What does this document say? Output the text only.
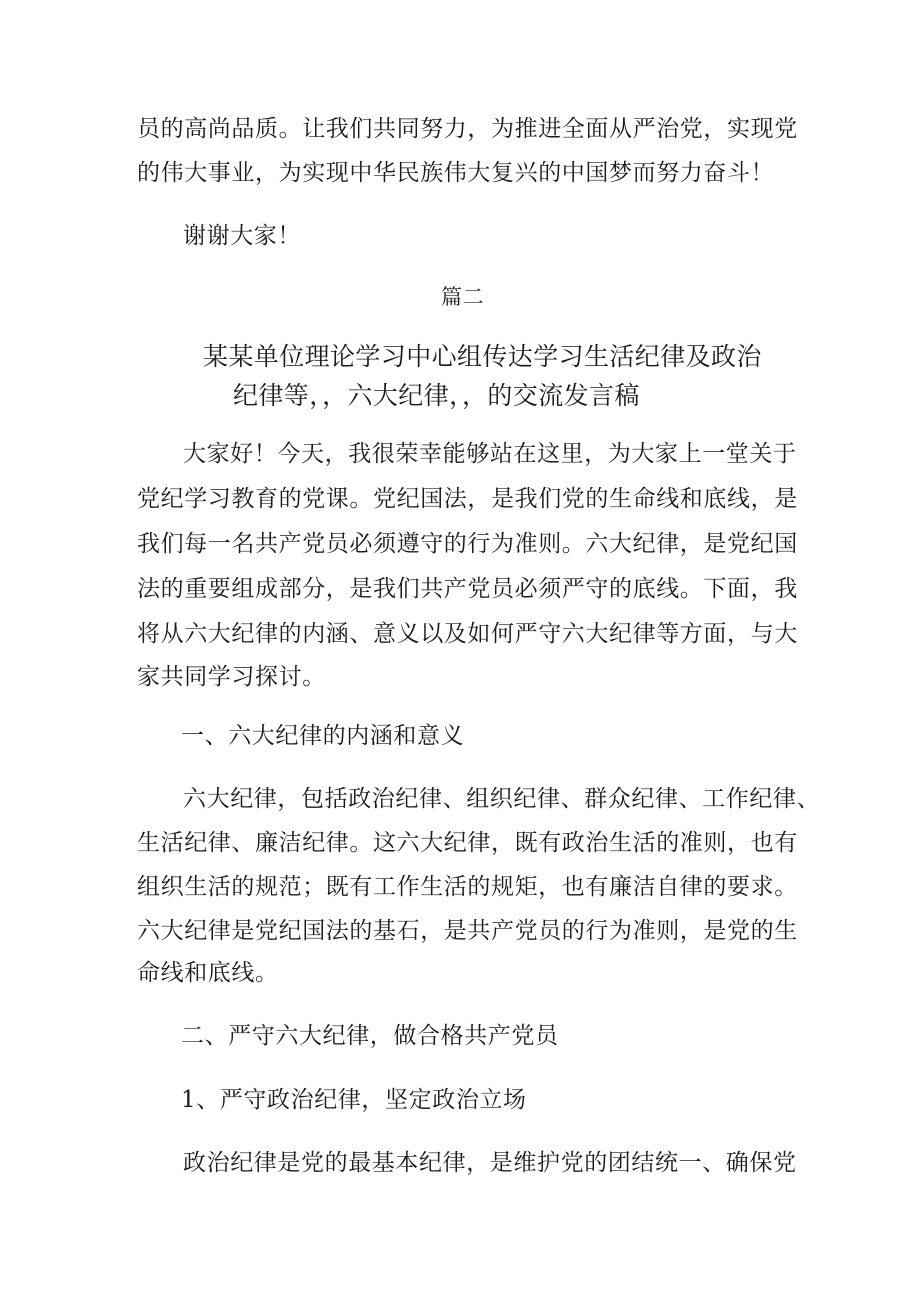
员的高尚品质。让我们共同努力，为推进全面从严治党，实现党
的伟大事业，为实现中华民族伟大复兴的中国梦而努力奋斗！
谢谢大家！
篇二
某某单位理论学习中心组传达学习生活纪律及政治
纪律等，，六大纪律，，的交流发言稿
大家好！今天，我很荣幸能够站在这里，为大家上一堂关于
党纪学习教育的党课。党纪国法，是我们党的生命线和底线，是
我们每一名共产党员必须遵守的行为准则。六大纪律，是党纪国
法的重要组成部分，是我们共产党员必须严守的底线。下面，我
将从六大纪律的内涵、意义以及如何严守六大纪律等方面，与大
家共同学习探讨。
一、六大纪律的内涵和意义
六大纪律，包括政治纪律、组织纪律、群众纪律、工作纪律、
生活纪律、廉洁纪律。这六大纪律，既有政治生活的准则，也有
组织生活的规范；既有工作生活的规矩，也有廉洁自律的要求。
六大纪律是党纪国法的基石，是共产党员的行为准则，是党的生
命线和底线。
二、严守六大纪律，做合格共产党员
1、严守政治纪律，坚定政治立场
政治纪律是党的最基本纪律，是维护党的团结统一、确保党
